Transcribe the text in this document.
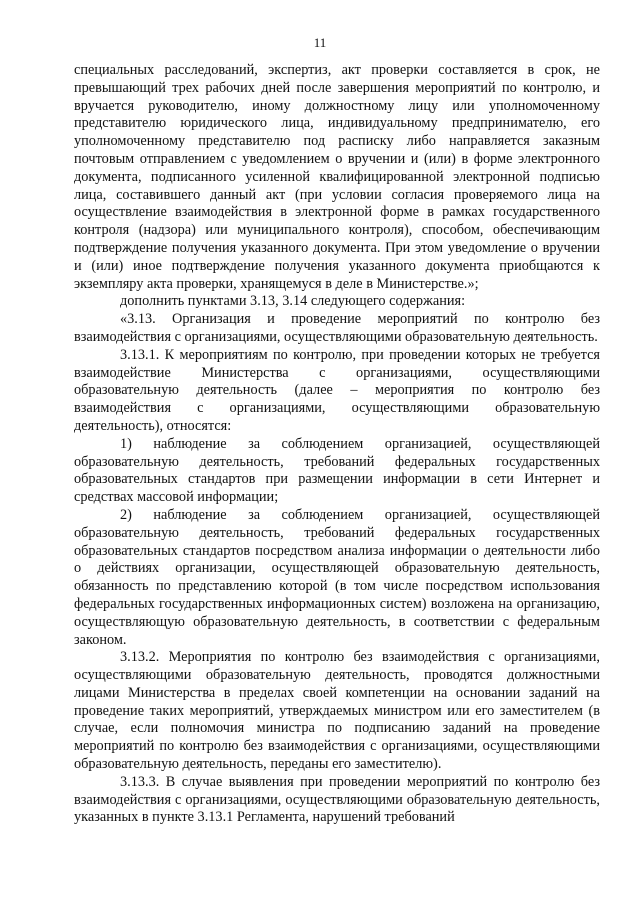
11

специальных расследований, экспертиз, акт проверки составляется в срок, не превышающий трех рабочих дней после завершения мероприятий по контролю, и вручается руководителю, иному должностному лицу или уполномоченному представителю юридического лица, индивидуальному предпринимателю, его уполномоченному представителю под расписку либо направляется заказным почтовым отправлением с уведомлением о вручении и (или) в форме электронного документа, подписанного усиленной квалифицированной электронной подписью лица, составившего данный акт (при условии согласия проверяемого лица на осуществление взаимодействия в электронной форме в рамках государственного контроля (надзора) или муниципального контроля), способом, обеспечивающим подтверждение получения указанного документа. При этом уведомление о вручении и (или) иное подтверждение получения указанного документа приобщаются к экземпляру акта проверки, хранящемуся в деле в Министерстве.»;

дополнить пунктами 3.13, 3.14 следующего содержания:

«3.13. Организация и проведение мероприятий по контролю без взаимодействия с организациями, осуществляющими образовательную деятельность.

3.13.1. К мероприятиям по контролю, при проведении которых не требуется взаимодействие Министерства с организациями, осуществляющими образовательную деятельность (далее – мероприятия по контролю без взаимодействия с организациями, осуществляющими образовательную деятельность), относятся:

1) наблюдение за соблюдением организацией, осуществляющей образовательную деятельность, требований федеральных государственных образовательных стандартов при размещении информации в сети Интернет и средствах массовой информации;

2) наблюдение за соблюдением организацией, осуществляющей образовательную деятельность, требований федеральных государственных образовательных стандартов посредством анализа информации о деятельности либо о действиях организации, осуществляющей образовательную деятельность, обязанность по представлению которой (в том числе посредством использования федеральных государственных информационных систем) возложена на организацию, осуществляющую образовательную деятельность, в соответствии с федеральным законом.

3.13.2. Мероприятия по контролю без взаимодействия с организациями, осуществляющими образовательную деятельность, проводятся должностными лицами Министерства в пределах своей компетенции на основании заданий на проведение таких мероприятий, утверждаемых министром или его заместителем (в случае, если полномочия министра по подписанию заданий на проведение мероприятий по контролю без взаимодействия с организациями, осуществляющими образовательную деятельность, переданы его заместителю).

3.13.3. В случае выявления при проведении мероприятий по контролю без взаимодействия с организациями, осуществляющими образовательную деятельность, указанных в пункте 3.13.1 Регламента, нарушений требований
